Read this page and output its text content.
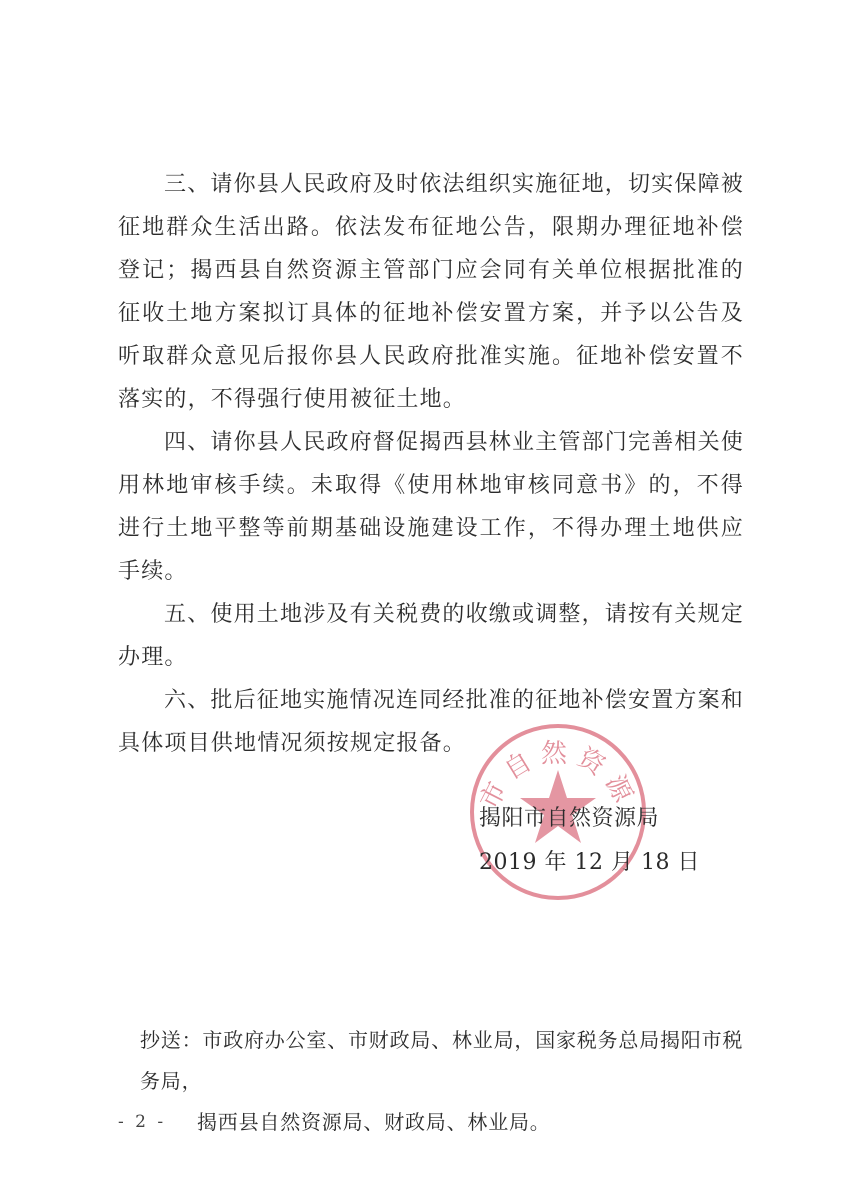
三、请你县人民政府及时依法组织实施征地，切实保障被征地群众生活出路。依法发布征地公告，限期办理征地补偿登记；揭西县自然资源主管部门应会同有关单位根据批准的征收土地方案拟订具体的征地补偿安置方案，并予以公告及听取群众意见后报你县人民政府批准实施。征地补偿安置不落实的，不得强行使用被征土地。

四、请你县人民政府督促揭西县林业主管部门完善相关使用林地审核手续。未取得《使用林地审核同意书》的，不得进行土地平整等前期基础设施建设工作，不得办理土地供应手续。

五、使用土地涉及有关税费的收缴或调整，请按有关规定办理。

六、批后征地实施情况连同经批准的征地补偿安置方案和具体项目供地情况须按规定报备。

市自然资源
揭阳市自然资源局
2019 年 12 月 18 日
抄送：市政府办公室、市财政局、林业局，国家税务总局揭阳市税务局，
揭西县自然资源局、财政局、林业局。
- 2 -
